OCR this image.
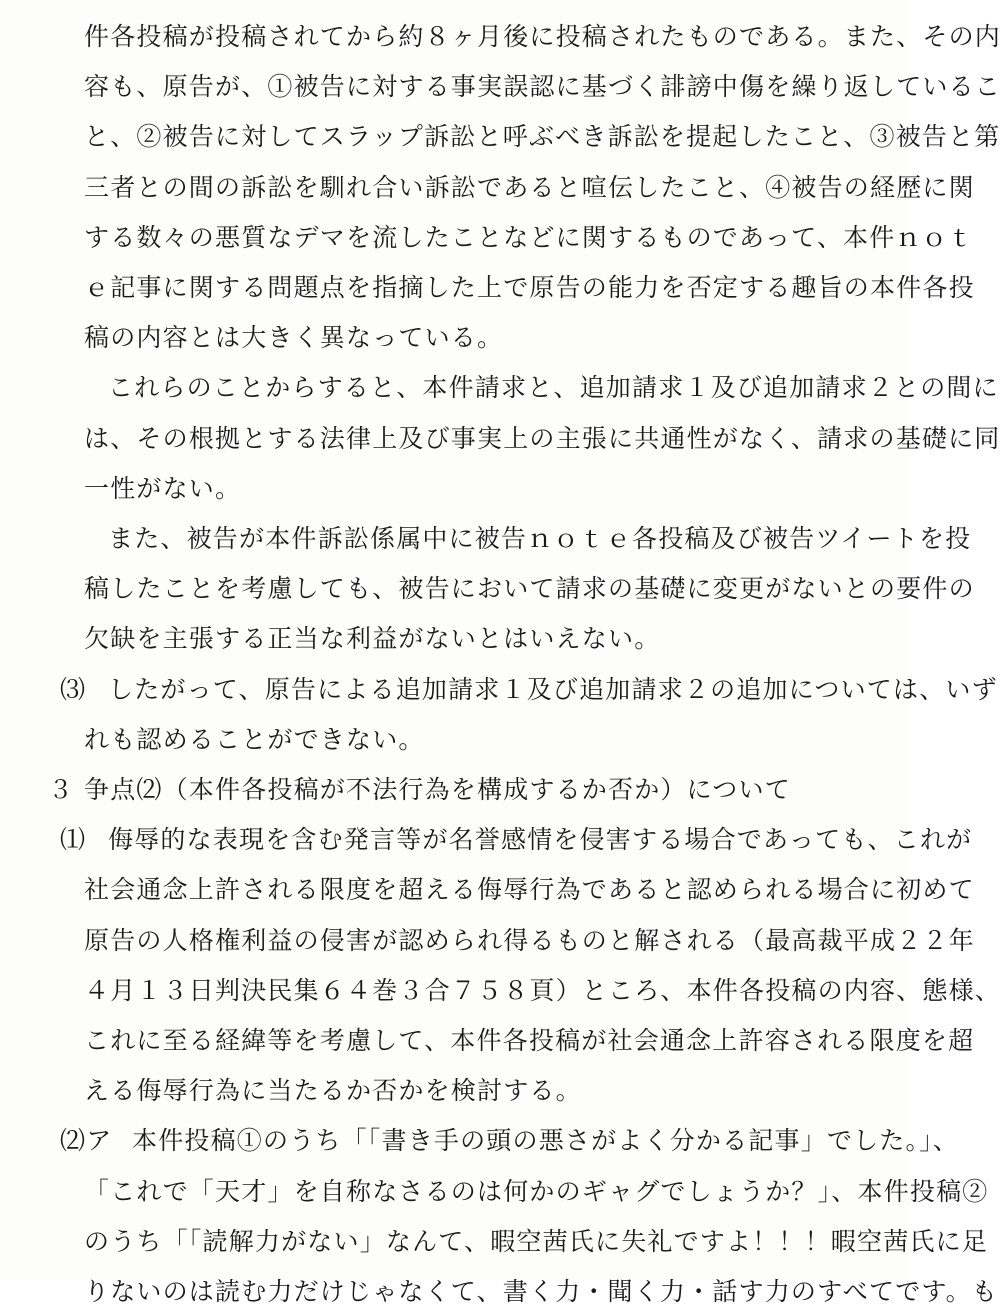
件各投稿が投稿されてから約８ヶ月後に投稿されたものである。また、その内
容も、原告が、①被告に対する事実誤認に基づく誹謗中傷を繰り返しているこ
と、②被告に対してスラップ訴訟と呼ぶべき訴訟を提起したこと、③被告と第
三者との間の訴訟を馴れ合い訴訟であると喧伝したこと、④被告の経歴に関
する数々の悪質なデマを流したことなどに関するものであって、本件ｎｏｔ
ｅ記事に関する問題点を指摘した上で原告の能力を否定する趣旨の本件各投
稿の内容とは大きく異なっている。
これらのことからすると、本件請求と、追加請求１及び追加請求２との間に
は、その根拠とする法律上及び事実上の主張に共通性がなく、請求の基礎に同
一性がない。
また、被告が本件訴訟係属中に被告ｎｏｔｅ各投稿及び被告ツイートを投
稿したことを考慮しても、被告において請求の基礎に変更がないとの要件の
欠缺を主張する正当な利益がないとはいえない。
⑶ したがって、原告による追加請求１及び追加請求２の追加については、いず
れも認めることができない。
３ 争点⑵（本件各投稿が不法行為を構成するか否か）について
⑴ 侮辱的な表現を含む発言等が名誉感情を侵害する場合であっても、これが
社会通念上許される限度を超える侮辱行為であると認められる場合に初めて
原告の人格権利益の侵害が認められ得るものと解される（最高裁平成２２年
４月１３日判決民集６４巻３合７５８頁）ところ、本件各投稿の内容、態様、
これに至る経緯等を考慮して、本件各投稿が社会通念上許容される限度を超
える侮辱行為に当たるか否かを検討する。
⑵ア 本件投稿①のうち「「書き手の頭の悪さがよく分かる記事」でした。」、
「これで「天才」を自称なさるのは何かのギャグでしょうか？」、本件投稿②
のうち「「読解力がない」なんて、暇空茜氏に失礼ですよ！！！暇空茜氏に足
りないのは読む力だけじゃなくて、書く力・聞く力・話す力のすべてです。も
